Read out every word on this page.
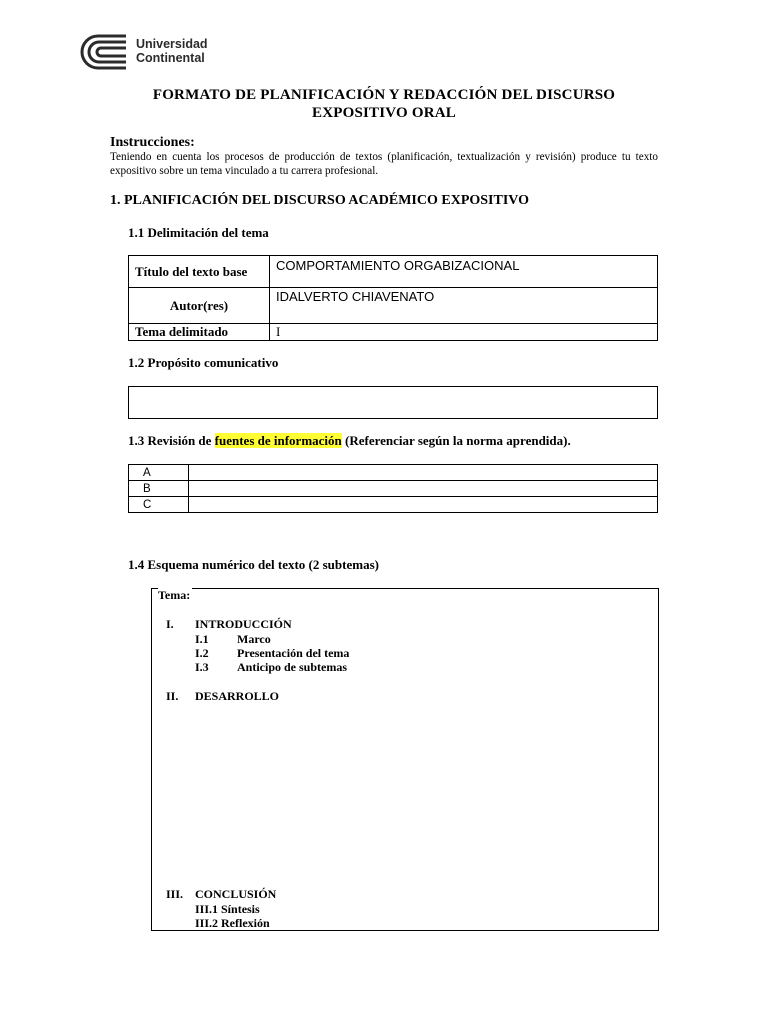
Universidad
Continental
FORMATO DE PLANIFICACIÓN Y REDACCIÓN DEL DISCURSO
EXPOSITIVO ORAL
Instrucciones:
Teniendo en cuenta los procesos de producción de textos (planificación, textualización y revisión) produce tu texto expositivo sobre un tema vinculado a tu carrera profesional.
1. PLANIFICACIÓN DEL DISCURSO ACADÉMICO EXPOSITIVO
1.1 Delimitación del tema
Título del texto base	COMPORTAMIENTO ORGABIZACIONAL
Autor(res)	IDALVERTO CHIAVENATO
Tema delimitado	I
1.2 Propósito comunicativo
1.3 Revisión de fuentes de información (Referenciar según la norma aprendida).
A	
B	
C	
1.4 Esquema numérico del texto (2 subtemas)
Tema:
I. INTRODUCCIÓN
I.1 Marco
I.2 Presentación del tema
I.3 Anticipo de subtemas
II. DESARROLLO
III. CONCLUSIÓN
III.1 Síntesis
III.2 Reflexión
